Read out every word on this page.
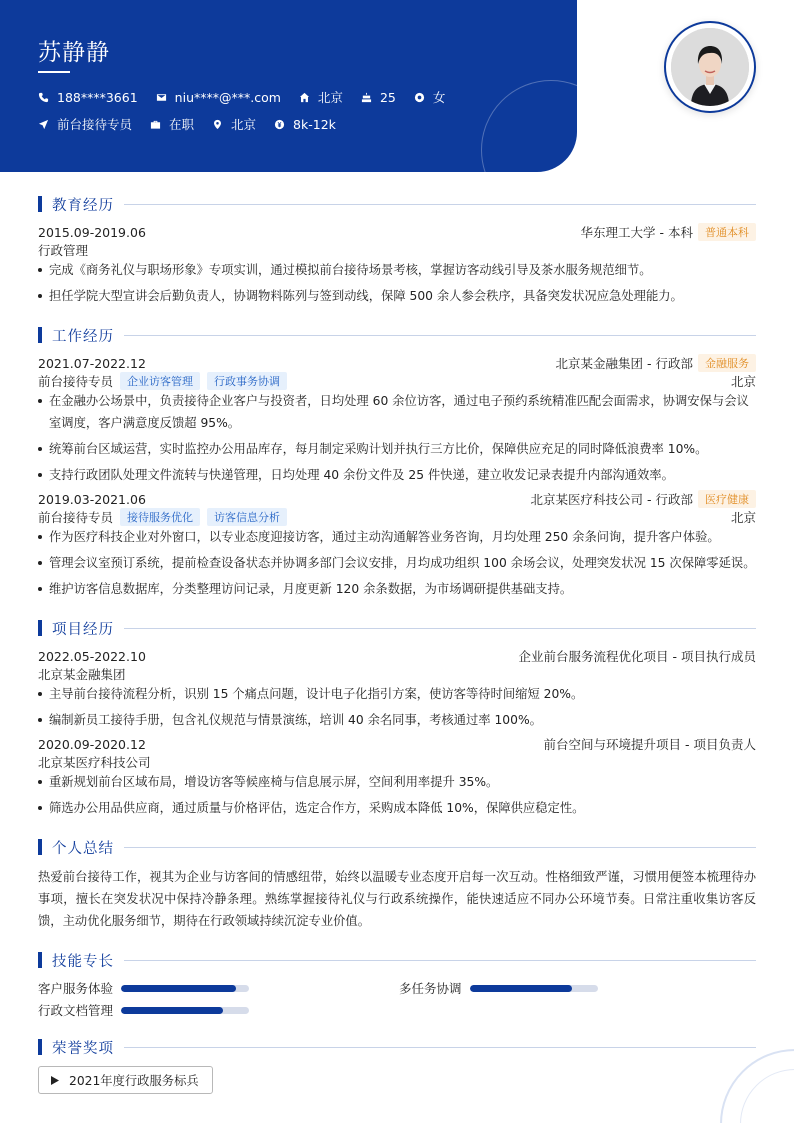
苏静静
188****3661	niu****@***.com	北京	25	女
前台接待专员	在职	北京	8k-12k
教育经历
2015.09-2019.06	华东理工大学 - 本科	普通本科
行政管理
完成《商务礼仪与职场形象》专项实训，通过模拟前台接待场景考核，掌握访客动线引导及茶水服务规范细节。
担任学院大型宣讲会后勤负责人，协调物料陈列与签到动线，保障 500 余人参会秩序，具备突发状况应急处理能力。
工作经历
2021.07-2022.12	北京某金融集团 - 行政部	金融服务
前台接待专员	企业访客管理	行政事务协调	北京
在金融办公场景中，负责接待企业客户与投资者，日均处理 60 余位访客，通过电子预约系统精准匹配会面需求，协调安保与会议室调度，客户满意度反馈超 95%。
统筹前台区域运营，实时监控办公用品库存，每月制定采购计划并执行三方比价，保障供应充足的同时降低浪费率 10%。
支持行政团队处理文件流转与快递管理，日均处理 40 余份文件及 25 件快递，建立收发记录表提升内部沟通效率。
2019.03-2021.06	北京某医疗科技公司 - 行政部	医疗健康
前台接待专员	接待服务优化	访客信息分析	北京
作为医疗科技企业对外窗口，以专业态度迎接访客，通过主动沟通解答业务咨询，月均处理 250 余条问询，提升客户体验。
管理会议室预订系统，提前检查设备状态并协调多部门会议安排，月均成功组织 100 余场会议，处理突发状况 15 次保障零延误。
维护访客信息数据库，分类整理访问记录，月度更新 120 余条数据，为市场调研提供基础支持。
项目经历
2022.05-2022.10	企业前台服务流程优化项目 - 项目执行成员
北京某金融集团
主导前台接待流程分析，识别 15 个痛点问题，设计电子化指引方案，使访客等待时间缩短 20%。
编制新员工接待手册，包含礼仪规范与情景演练，培训 40 余名同事，考核通过率 100%。
2020.09-2020.12	前台空间与环境提升项目 - 项目负责人
北京某医疗科技公司
重新规划前台区域布局，增设访客等候座椅与信息展示屏，空间利用率提升 35%。
筛选办公用品供应商，通过质量与价格评估，选定合作方，采购成本降低 10%，保障供应稳定性。
个人总结
热爱前台接待工作，视其为企业与访客间的情感纽带，始终以温暖专业态度开启每一次互动。性格细致严谨，习惯用便签本梳理待办事项，擅长在突发状况中保持冷静条理。熟练掌握接待礼仪与行政系统操作，能快速适应不同办公环境节奏。日常注重收集访客反馈，主动优化服务细节，期待在行政领域持续沉淀专业价值。
技能专长
客户服务体验	多任务协调
行政文档管理
荣誉奖项
2021年度行政服务标兵
